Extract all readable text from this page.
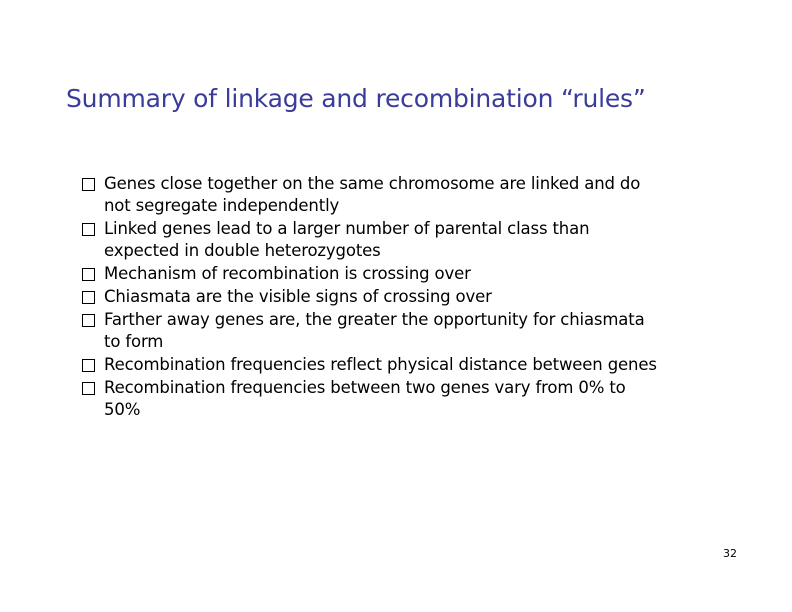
Summary of linkage and recombination “rules”
Genes close together on the same chromosome are linked and do
not segregate independently
Linked genes lead to a larger number of parental class than
expected in double heterozygotes
Mechanism of recombination is crossing over
Chiasmata are the visible signs of crossing over
Farther away genes are, the greater the opportunity for chiasmata
to form
Recombination frequencies reflect physical distance between genes
Recombination frequencies between two genes vary from 0% to
50%
32
